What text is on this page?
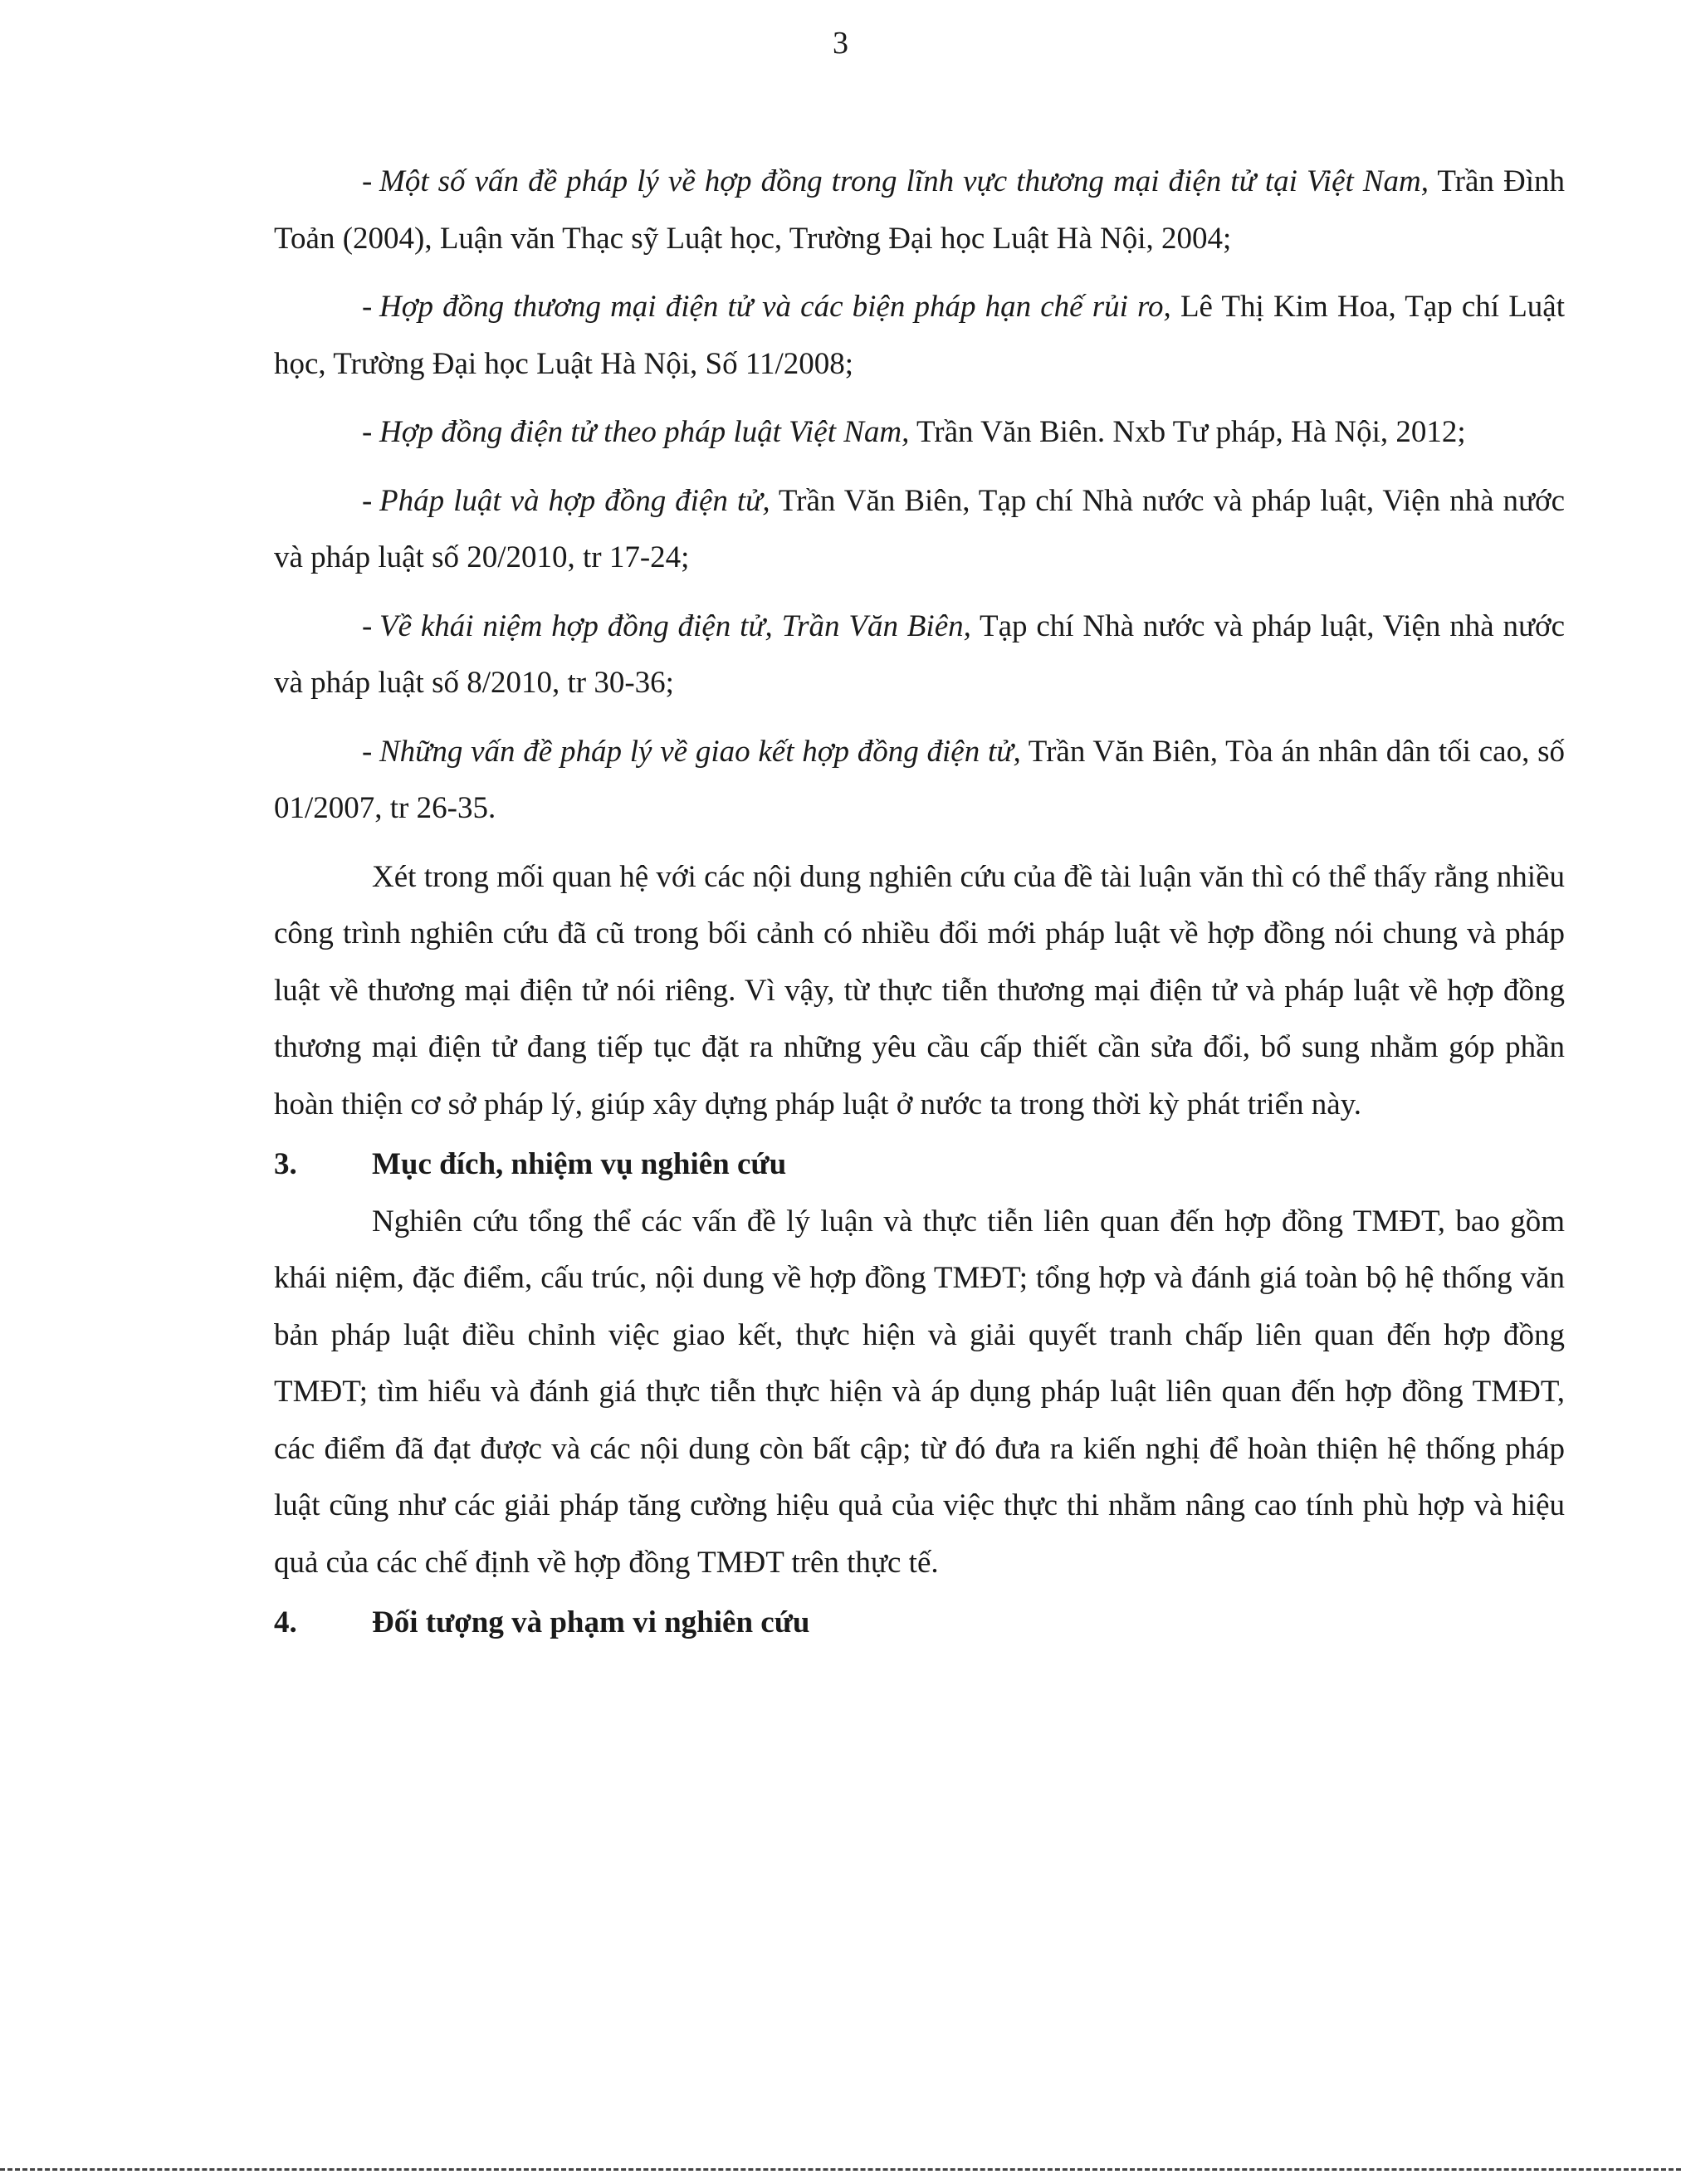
3

- Một số vấn đề pháp lý về hợp đồng trong lĩnh vực thương mại điện tử tại Việt Nam, Trần Đình Toản (2004), Luận văn Thạc sỹ Luật học, Trường Đại học Luật Hà Nội, 2004;

- Hợp đồng thương mại điện tử và các biện pháp hạn chế rủi ro, Lê Thị Kim Hoa, Tạp chí Luật học, Trường Đại học Luật Hà Nội, Số 11/2008;

- Hợp đồng điện tử theo pháp luật Việt Nam, Trần Văn Biên. Nxb Tư pháp, Hà Nội, 2012;

- Pháp luật và hợp đồng điện tử, Trần Văn Biên, Tạp chí Nhà nước và pháp luật, Viện nhà nước và pháp luật số 20/2010, tr 17-24;

- Về khái niệm hợp đồng điện tử, Trần Văn Biên, Tạp chí Nhà nước và pháp luật, Viện nhà nước và pháp luật số 8/2010, tr 30-36;

- Những vấn đề pháp lý về giao kết hợp đồng điện tử, Trần Văn Biên, Tòa án nhân dân tối cao, số 01/2007, tr 26-35.

Xét trong mối quan hệ với các nội dung nghiên cứu của đề tài luận văn thì có thể thấy rằng nhiều công trình nghiên cứu đã cũ trong bối cảnh có nhiều đổi mới pháp luật về hợp đồng nói chung và pháp luật về thương mại điện tử nói riêng. Vì vậy, từ thực tiễn thương mại điện tử và pháp luật về hợp đồng thương mại điện tử đang tiếp tục đặt ra những yêu cầu cấp thiết cần sửa đổi, bổ sung nhằm góp phần hoàn thiện cơ sở pháp lý, giúp xây dựng pháp luật ở nước ta trong thời kỳ phát triển này.

3. Mục đích, nhiệm vụ nghiên cứu

Nghiên cứu tổng thể các vấn đề lý luận và thực tiễn liên quan đến hợp đồng TMĐT, bao gồm khái niệm, đặc điểm, cấu trúc, nội dung về hợp đồng TMĐT; tổng hợp và đánh giá toàn bộ hệ thống văn bản pháp luật điều chỉnh việc giao kết, thực hiện và giải quyết tranh chấp liên quan đến hợp đồng TMĐT; tìm hiểu và đánh giá thực tiễn thực hiện và áp dụng pháp luật liên quan đến hợp đồng TMĐT, các điểm đã đạt được và các nội dung còn bất cập; từ đó đưa ra kiến nghị để hoàn thiện hệ thống pháp luật cũng như các giải pháp tăng cường hiệu quả của việc thực thi nhằm nâng cao tính phù hợp và hiệu quả của các chế định về hợp đồng TMĐT trên thực tế.

4. Đối tượng và phạm vi nghiên cứu
